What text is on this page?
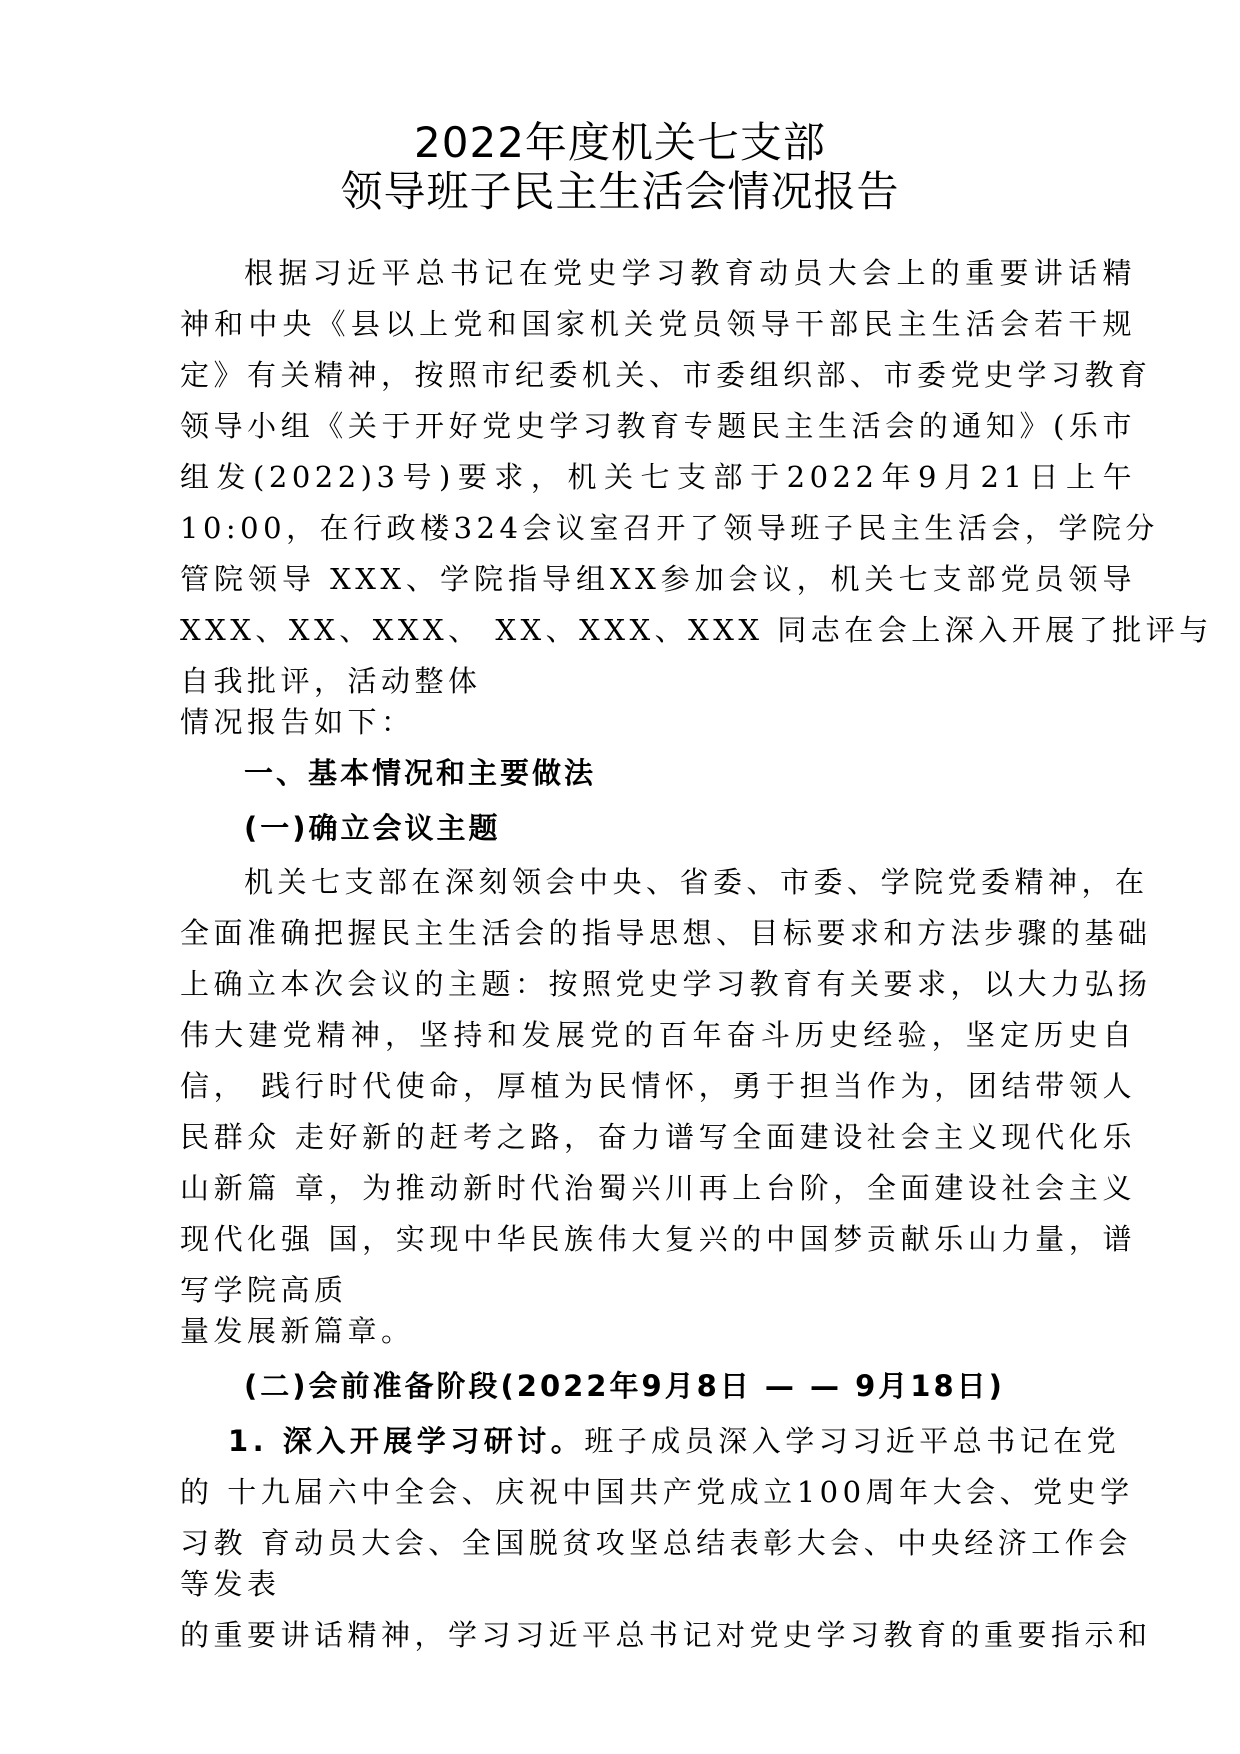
2022年度机关七支部
领导班子民主生活会情况报告
根据习近平总书记在党史学习教育动员大会上的重要讲话精
神和中央《县以上党和国家机关党员领导干部民主生活会若干规
定》有关精神，按照市纪委机关、市委组织部、市委党史学习教育
领导小组《关于开好党史学习教育专题民主生活会的通知》(乐市
组发(2022)3号)要求，机关七支部于2022年9月21日上午
10:00，在行政楼324会议室召开了领导班子民主生活会，学院分
管院领导 XXX、学院指导组XX参加会议，机关七支部党员领导
XXX、XX、XXX、 XX、XXX、XXX 同志在会上深入开展了批评与
自我批评，活动整体
情况报告如下：
一、基本情况和主要做法
(一)确立会议主题
机关七支部在深刻领会中央、省委、市委、学院党委精神，在
全面准确把握民主生活会的指导思想、目标要求和方法步骤的基础
上确立本次会议的主题：按照党史学习教育有关要求，以大力弘扬
伟大建党精神，坚持和发展党的百年奋斗历史经验，坚定历史自
信， 践行时代使命，厚植为民情怀，勇于担当作为，团结带领人
民群众 走好新的赶考之路，奋力谱写全面建设社会主义现代化乐
山新篇 章，为推动新时代治蜀兴川再上台阶，全面建设社会主义
现代化强 国，实现中华民族伟大复兴的中国梦贡献乐山力量，谱
写学院高质
量发展新篇章。
(二)会前准备阶段(2022年9月8日 — — 9月18日)
1. 深入开展学习研讨。班子成员深入学习习近平总书记在党
的 十九届六中全会、庆祝中国共产党成立100周年大会、党史学
习教 育动员大会、全国脱贫攻坚总结表彰大会、中央经济工作会
等发表
的重要讲话精神，学习习近平总书记对党史学习教育的重要指示和
